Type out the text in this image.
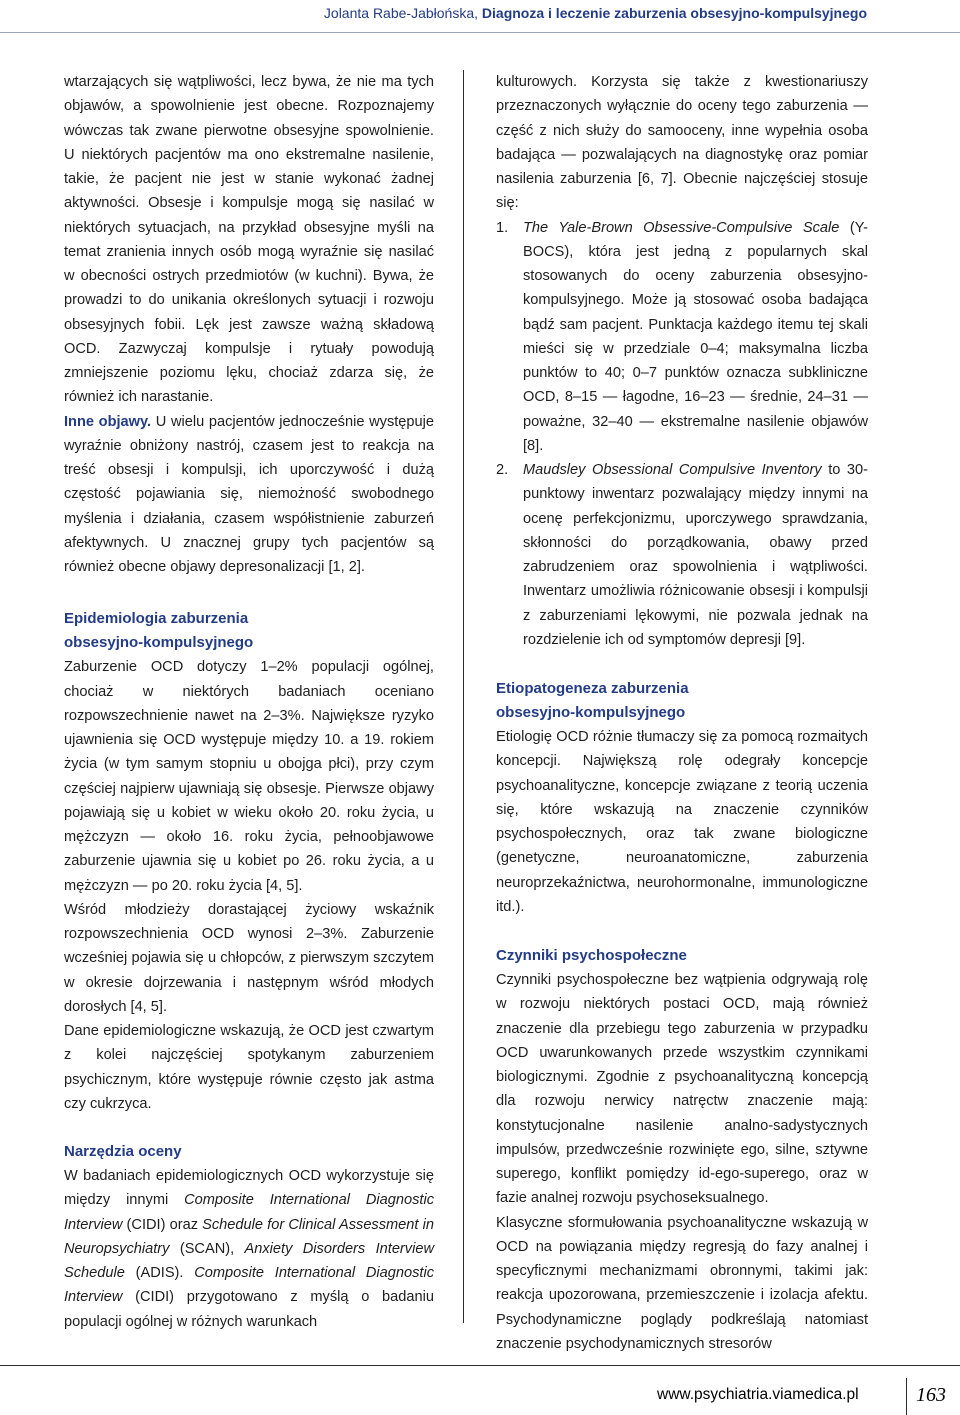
Jolanta Rabe-Jabłońska, Diagnoza i leczenie zaburzenia obsesyjno-kompulsyjnego

wtarzających się wątpliwości, lecz bywa, że nie ma tych objawów, a spowolnienie jest obecne. Rozpoznajemy wówczas tak zwane pierwotne obsesyjne spowolnienie. U niektórych pacjentów ma ono ekstremalne nasilenie, takie, że pacjent nie jest w stanie wykonać żadnej aktywności. Obsesje i kompulsje mogą się nasilać w niektórych sytuacjach, na przykład obsesyjne myśli na temat zranienia innych osób mogą wyraźnie się nasilać w obecności ostrych przedmiotów (w kuchni). Bywa, że prowadzi to do unikania określonych sytuacji i rozwoju obsesyjnych fobii. Lęk jest zawsze ważną składową OCD. Zazwyczaj kompulsje i rytuały powodują zmniejszenie poziomu lęku, chociaż zdarza się, że również ich narastanie.

Inne objawy. U wielu pacjentów jednocześnie występuje wyraźnie obniżony nastrój, czasem jest to reakcja na treść obsesji i kompulsji, ich uporczywość i dużą częstość pojawiania się, niemożność swobodnego myślenia i działania, czasem współistnienie zaburzeń afektywnych. U znacznej grupy tych pacjentów są również obecne objawy depresonalizacji [1, 2].

Epidemiologia zaburzenia
obsesyjno-kompulsyjnego

Zaburzenie OCD dotyczy 1–2% populacji ogólnej, chociaż w niektórych badaniach oceniano rozpowszechnienie nawet na 2–3%. Największe ryzyko ujawnienia się OCD występuje między 10. a 19. rokiem życia (w tym samym stopniu u obojga płci), przy czym częściej najpierw ujawniają się obsesje. Pierwsze objawy pojawiają się u kobiet w wieku około 20. roku życia, u mężczyzn — około 16. roku życia, pełnoobjawowe zaburzenie ujawnia się u kobiet po 26. roku życia, a u mężczyzn — po 20. roku życia [4, 5].

Wśród młodzieży dorastającej życiowy wskaźnik rozpowszechnienia OCD wynosi 2–3%. Zaburzenie wcześniej pojawia się u chłopców, z pierwszym szczytem w okresie dojrzewania i następnym wśród młodych dorosłych [4, 5].

Dane epidemiologiczne wskazują, że OCD jest czwartym z kolei najczęściej spotykanym zaburzeniem psychicznym, które występuje równie często jak astma czy cukrzyca.

Narzędzia oceny

W badaniach epidemiologicznych OCD wykorzystuje się między innymi Composite International Diagnostic Interview (CIDI) oraz Schedule for Clinical Assessment in Neuropsychiatry (SCAN), Anxiety Disorders Interview Schedule (ADIS). Composite International Diagnostic Interview (CIDI) przygotowano z myślą o badaniu populacji ogólnej w różnych warunkach

kulturowych. Korzysta się także z kwestionariuszy przeznaczonych wyłącznie do oceny tego zaburzenia — część z nich służy do samooceny, inne wypełnia osoba badająca — pozwalających na diagnostykę oraz pomiar nasilenia zaburzenia [6, 7]. Obecnie najczęściej stosuje się:

1. The Yale-Brown Obsessive-Compulsive Scale (Y-BOCS), która jest jedną z popularnych skal stosowanych do oceny zaburzenia obsesyjno-kompulsyjnego. Może ją stosować osoba badająca bądź sam pacjent. Punktacja każdego itemu tej skali mieści się w przedziale 0–4; maksymalna liczba punktów to 40; 0–7 punktów oznacza subkliniczne OCD, 8–15 — łagodne, 16–23 — średnie, 24–31 — poważne, 32–40 — ekstremalne nasilenie objawów [8].
2. Maudsley Obsessional Compulsive Inventory to 30-punktowy inwentarz pozwalający między innymi na ocenę perfekcjonizmu, uporczywego sprawdzania, skłonności do porządkowania, obawy przed zabrudzeniem oraz spowolnienia i wątpliwości. Inwentarz umożliwia różnicowanie obsesji i kompulsji z zaburzeniami lękowymi, nie pozwala jednak na rozdzielenie ich od symptomów depresji [9].
Etiopatogeneza zaburzenia
obsesyjno-kompulsyjnego

Etiologię OCD różnie tłumaczy się za pomocą rozmaitych koncepcji. Największą rolę odegrały koncepcje psychoanalityczne, koncepcje związane z teorią uczenia się, które wskazują na znaczenie czynników psychospołecznych, oraz tak zwane biologiczne (genetyczne, neuroanatomiczne, zaburzenia neuroprzekaźnictwa, neurohormonalne, immunologiczne itd.).

Czynniki psychospołeczne

Czynniki psychospołeczne bez wątpienia odgrywają rolę w rozwoju niektórych postaci OCD, mają również znaczenie dla przebiegu tego zaburzenia w przypadku OCD uwarunkowanych przede wszystkim czynnikami biologicznymi. Zgodnie z psychoanalityczną koncepcją dla rozwoju nerwicy natręctw znaczenie mają: konstytucjonalne nasilenie analno-sadystycznych impulsów, przedwcześnie rozwinięte ego, silne, sztywne superego, konflikt pomiędzy id-ego-superego, oraz w fazie analnej rozwoju psychoseksualnego.

Klasyczne sformułowania psychoanalityczne wskazują w OCD na powiązania między regresją do fazy analnej i specyficznymi mechanizmami obronnymi, takimi jak: reakcja upozorowana, przemieszczenie i izolacja afektu. Psychodynamiczne poglądy podkreślają natomiast znaczenie psychodynamicznych stresorów

www.psychiatria.viamedica.pl	163
